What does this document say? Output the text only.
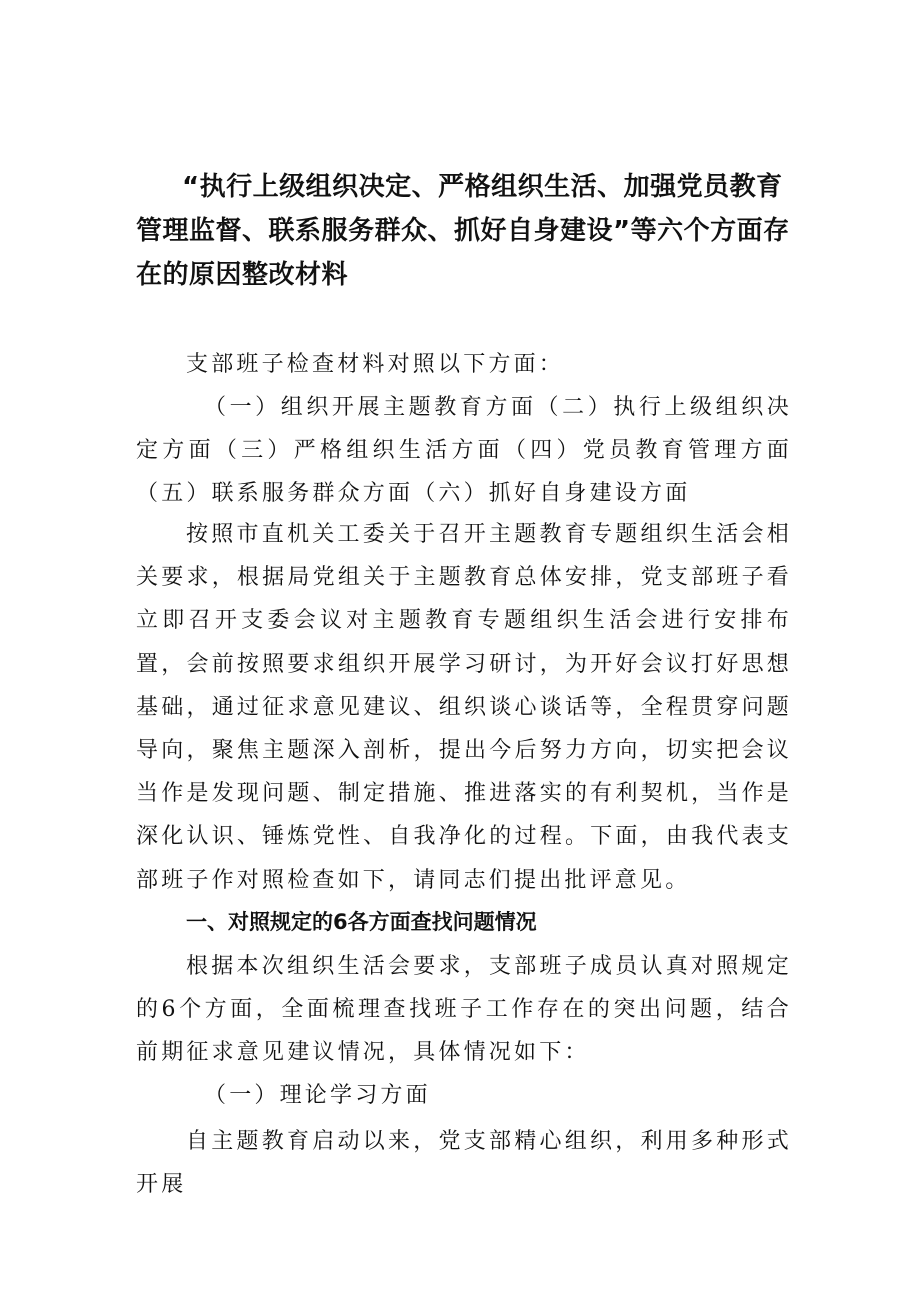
“执行上级组织决定、严格组织生活、加强党员教育管理监督、联系服务群众、抓好自身建设”等六个方面存在的原因整改材料

支部班子检查材料对照以下方面：

（一）组织开展主题教育方面（二）执行上级组织决定方面（三）严格组织生活方面（四）党员教育管理方面（五）联系服务群众方面（六）抓好自身建设方面

按照市直机关工委关于召开主题教育专题组织生活会相关要求，根据局党组关于主题教育总体安排，党支部班子看立即召开支委会议对主题教育专题组织生活会进行安排布置，会前按照要求组织开展学习研讨，为开好会议打好思想基础，通过征求意见建议、组织谈心谈话等，全程贯穿问题导向，聚焦主题深入剖析，提出今后努力方向，切实把会议当作是发现问题、制定措施、推进落实的有利契机，当作是深化认识、锤炼党性、自我净化的过程。下面，由我代表支部班子作对照检查如下，请同志们提出批评意见。

一、对照规定的6各方面查找问题情况

根据本次组织生活会要求，支部班子成员认真对照规定的6个方面，全面梳理查找班子工作存在的突出问题，结合前期征求意见建议情况，具体情况如下：

（一）理论学习方面

自主题教育启动以来，党支部精心组织，利用多种形式开展
